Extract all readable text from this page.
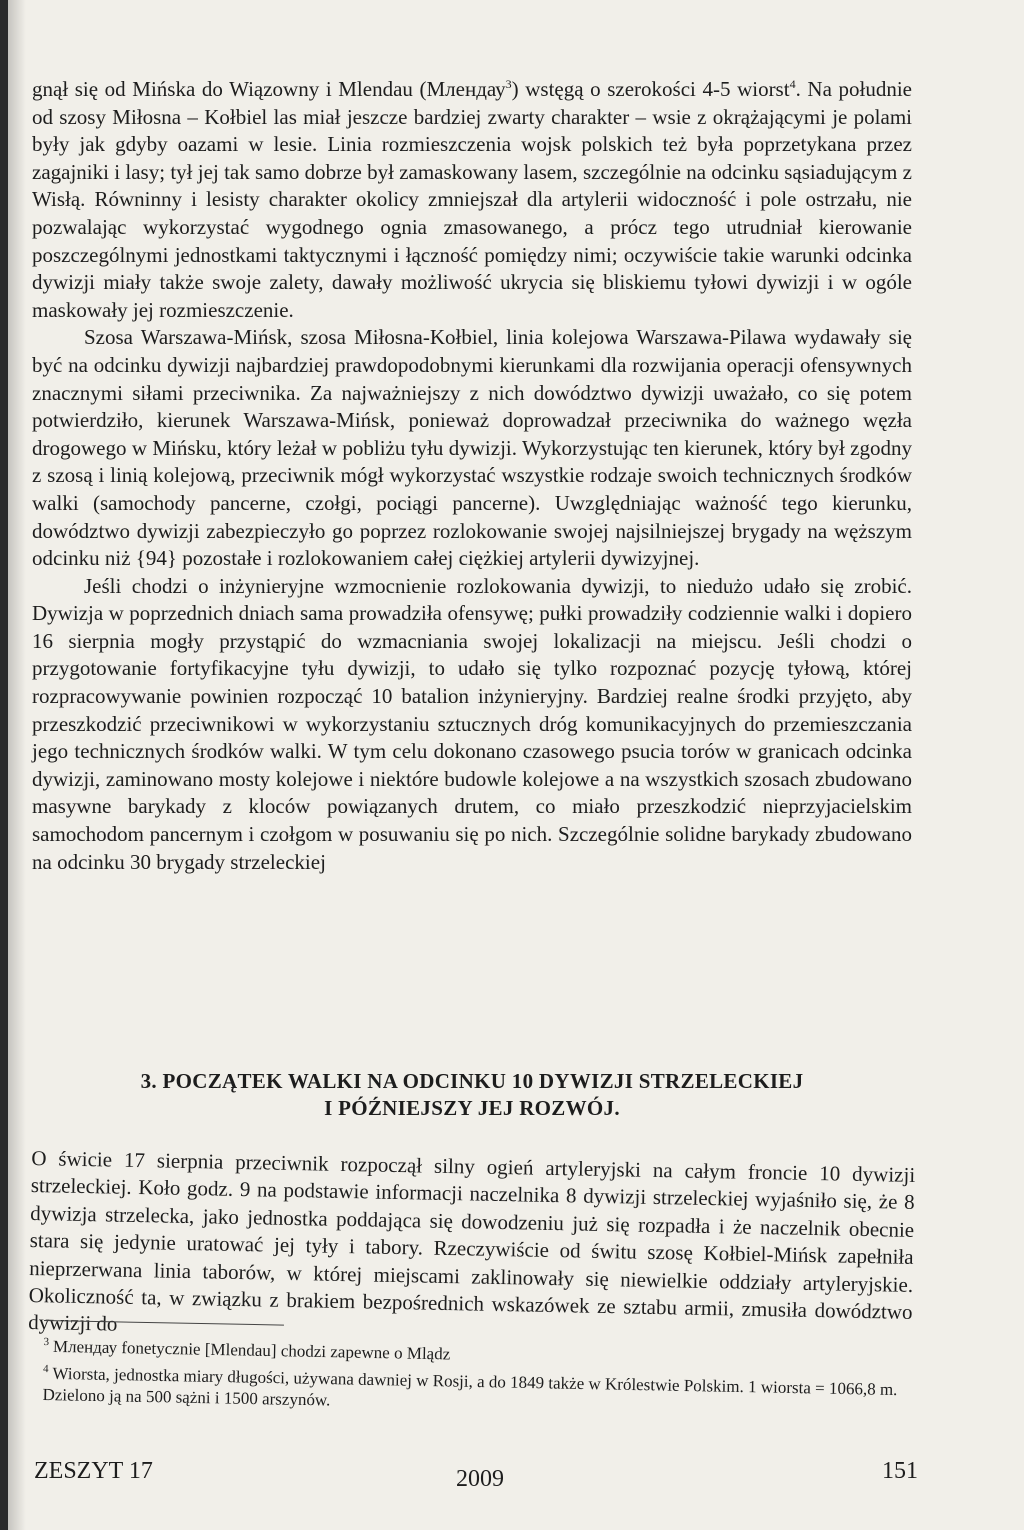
gnął się od Mińska do Wiązowny i Mlendau (Млендау$^3$) wstęgą o szerokości 4-5 wiorst$^4$. Na południe od szosy Miłosna – Kołbiel las miał jeszcze bardziej zwarty charakter – wsie z okrążającymi je polami były jak gdyby oazami w lesie. Linia rozmieszczenia wojsk polskich też była poprzetykana przez zagajniki i lasy; tył jej tak samo dobrze był zamaskowany lasem, szczególnie na odcinku sąsiadującym z Wisłą. Równinny i lesisty charakter okolicy zmniejszał dla artylerii widoczność i pole ostrzału, nie pozwalając wykorzystać wygodnego ognia zmasowanego, a prócz tego utrudniał kierowanie poszczególnymi jednostkami taktycznymi i łączność pomiędzy nimi; oczywiście takie warunki odcinka dywizji miały także swoje zalety, dawały możliwość ukrycia się bliskiemu tyłowi dywizji i w ogóle maskowały jej rozmieszczenie.

Szosa Warszawa-Mińsk, szosa Miłosna-Kołbiel, linia kolejowa Warszawa-Pilawa wydawały się być na odcinku dywizji najbardziej prawdopodobnymi kierunkami dla rozwijania operacji ofensywnych znacznymi siłami przeciwnika. Za najważniejszy z nich dowództwo dywizji uważało, co się potem potwierdziło, kierunek Warszawa-Mińsk, ponieważ doprowadzał przeciwnika do ważnego węzła drogowego w Mińsku, który leżał w pobliżu tyłu dywizji. Wykorzystując ten kierunek, który był zgodny z szosą i linią kolejową, przeciwnik mógł wykorzystać wszystkie rodzaje swoich technicznych środków walki (samochody pancerne, czołgi, pociągi pancerne). Uwzględniając ważność tego kierunku, dowództwo dywizji zabezpieczyło go poprzez rozlokowanie swojej najsilniejszej brygady na węższym odcinku niż {94} pozostałe i rozlokowaniem całej ciężkiej artylerii dywizyjnej.

Jeśli chodzi o inżynieryjne wzmocnienie rozlokowania dywizji, to niedużo udało się zrobić. Dywizja w poprzednich dniach sama prowadziła ofensywę; pułki prowadziły codziennie walki i dopiero 16 sierpnia mogły przystąpić do wzmacniania swojej lokalizacji na miejscu. Jeśli chodzi o przygotowanie fortyfikacyjne tyłu dywizji, to udało się tylko rozpoznać pozycję tyłową, której rozpracowywanie powinien rozpocząć 10 batalion inżynieryjny. Bardziej realne środki przyjęto, aby przeszkodzić przeciwnikowi w wykorzystaniu sztucznych dróg komunikacyjnych do przemieszczania jego technicznych środków walki. W tym celu dokonano czasowego psucia torów w granicach odcinka dywizji, zaminowano mosty kolejowe i niektóre budowle kolejowe a na wszystkich szosach zbudowano masywne barykady z kloców powiązanych drutem, co miało przeszkodzić nieprzyjacielskim samochodom pancernym i czołgom w posuwaniu się po nich. Szczególnie solidne barykady zbudowano na odcinku 30 brygady strzeleckiej

3. POCZĄTEK WALKI NA ODCINKU 10 DYWIZJI STRZELECKIEJ
I PÓŹNIEJSZY JEJ ROZWÓJ.

O świcie 17 sierpnia przeciwnik rozpoczął silny ogień artyleryjski na całym froncie 10 dywizji strzeleckiej. Koło godz. 9 na podstawie informacji naczelnika 8 dywizji strzeleckiej wyjaśniło się, że 8 dywizja strzelecka, jako jednostka poddająca się dowodzeniu już się rozpadła i że naczelnik obecnie stara się jedynie uratować jej tyły i tabory. Rzeczywiście od świtu szosę Kołbiel-Mińsk zapełniła nieprzerwana linia taborów, w której miejscami zaklinowały się niewielkie oddziały artyleryjskie. Okoliczność ta, w związku z brakiem bezpośrednich wskazówek ze sztabu armii, zmusiła dowództwo dywizji do

$^3$ Млендау fonetycznie [Mlendau] chodzi zapewne o Mlądz

$^4$ Wiorsta, jednostka miary długości, używana dawniej w Rosji, a do 1849 także w Królestwie Polskim. 1 wiorsta = 1066,8 m. Dzielono ją na 500 sążni i 1500 arszynów.

ZESZYT 17	2009	151
